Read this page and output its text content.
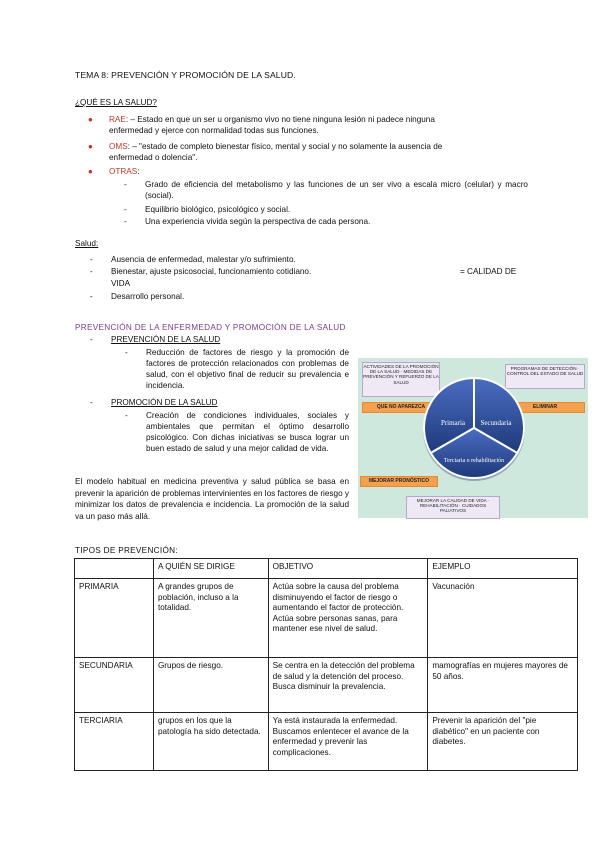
TEMA 8: PREVENCIÓN Y PROMOCIÓN DE LA SALUD.
¿QUÉ ES LA SALUD?
● RAE: – Estado en que un ser u organismo vivo no tiene ninguna lesión ni padece ninguna
enfermedad y ejerce con normalidad todas sus funciones.
● OMS: – "estado de completo bienestar físico, mental y social y no solamente la ausencia de
enfermedad o dolencia".
● OTRAS:
- Grado de eficiencia del metabolismo y las funciones de un ser vivo a escala micro (celular) y macro (social).
- Equilibrio biológico, psicológico y social.
- Una experiencia vivida según la perspectiva de cada persona.
Salud:
- Ausencia de enfermedad, malestar y/o sufrimiento.
- Bienestar, ajuste psicosocial, funcionamiento cotidiano.
VIDA
= CALIDAD DE
- Desarrollo personal.
PREVENCIÓN DE LA ENFERMEDAD Y PROMOCIÓN DE LA SALUD
- PREVENCIÓN DE LA SALUD
- Reducción de factores de riesgo y la promoción de factores de protección relacionados con problemas de salud, con el objetivo final de reducir su prevalencia e incidencia.
- PROMOCIÓN DE LA SALUD
- Creación de condiciones individuales, sociales y ambientales que permitan el óptimo desarrollo psicológico. Con dichas iniciativas se busca lograr un buen estado de salud y una mejor calidad de vida.
El modelo habitual en medicina preventiva y salud pública se basa en prevenir la aparición de problemas intervinientes en los factores de riesgo y minimizar los datos de prevalencia e incidencia. La promoción de la salud va un paso más allá.
ACTIVIDADES DE LA PROMOCIÓN DE LA SALUD · MEDIDAS DE PREVENCIÓN Y REFUERZO DE LA SALUD
QUE NO APAREZCA
PROGRAMAS DE DETECCIÓN · CONTROL DEL ESTADO DE SALUD
ELIMINAR
MEJORAR PRONÓSTICO
MEJORAR LA CALIDAD DE VIDA · REHABILITACIÓN · CUIDADOS PALIATIVOS
Primaria Secundaria
Terciaria o rehabilitación
TIPOS DE PREVENCIÓN:
	A QUIÉN SE DIRIGE	OBJETIVO	EJEMPLO
PRIMARIA	A grandes grupos de población, incluso a la totalidad.	Actúa sobre la causa del problema disminuyendo el factor de riesgo o aumentando el factor de protección. Actúa sobre personas sanas, para mantener ese nivel de salud.	Vacunación
SECUNDARIA	Grupos de riesgo.	Se centra en la detección del problema de salud y la detención del proceso. Busca disminuir la prevalencia.	mamografías en mujeres mayores de 50 años.
TERCIARIA	grupos en los que la patología ha sido detectada.	Ya está instaurada la enfermedad. Buscamos enlentecer el avance de la enfermedad y prevenir las complicaciones.	Prevenir la aparición del "pie diabético" en un paciente con diabetes.
